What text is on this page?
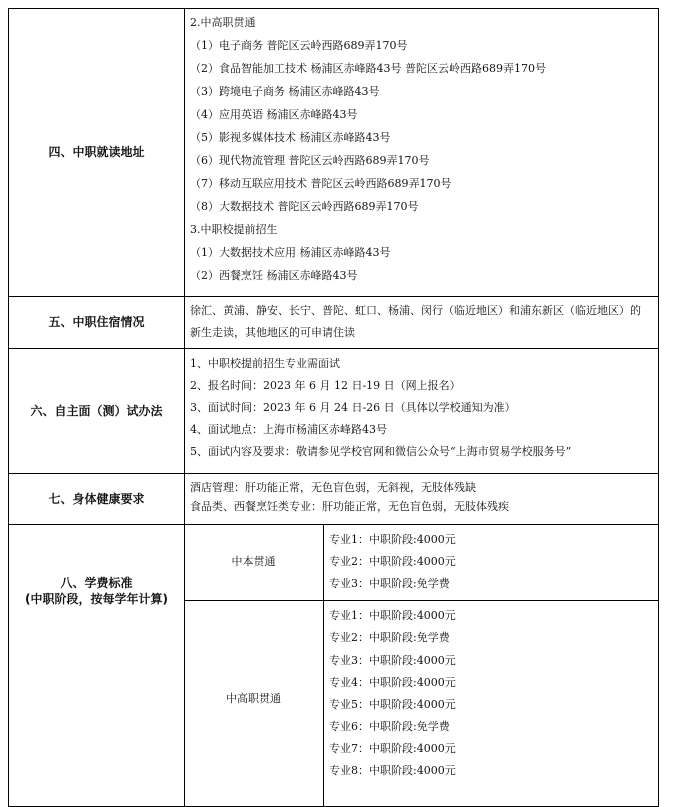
四、中职就读地址
2.中高职贯通
（1）电子商务 普陀区云岭西路689弄170号
（2）食品智能加工技术 杨浦区赤峰路43号 普陀区云岭西路689弄170号
（3）跨境电子商务 杨浦区赤峰路43号
（4）应用英语 杨浦区赤峰路43号
（5）影视多媒体技术 杨浦区赤峰路43号
（6）现代物流管理 普陀区云岭西路689弄170号
（7）移动互联应用技术 普陀区云岭西路689弄170号
（8）大数据技术 普陀区云岭西路689弄170号
3.中职校提前招生
（1）大数据技术应用 杨浦区赤峰路43号
（2）西餐烹饪 杨浦区赤峰路43号
五、中职住宿情况
徐汇、黄浦、静安、长宁、普陀、虹口、杨浦、闵行（临近地区）和浦东新区（临近地区）的新生走读，其他地区的可申请住读
六、自主面（测）试办法
1、中职校提前招生专业需面试
2、报名时间：2023 年 6 月 12 日-19 日（网上报名）
3、面试时间：2023 年 6 月 24 日-26 日（具体以学校通知为准）
4、面试地点：上海市杨浦区赤峰路43号
5、面试内容及要求：敬请参见学校官网和微信公众号“上海市贸易学校服务号”
七、身体健康要求
酒店管理：肝功能正常，无色盲色弱，无斜视，无肢体残缺
食品类、西餐烹饪类专业：肝功能正常，无色盲色弱，无肢体残疾
八、学费标准
(中职阶段，按每学年计算)
中本贯通
专业1：中职阶段:4000元
专业2：中职阶段:4000元
专业3：中职阶段:免学费
中高职贯通
专业1：中职阶段:4000元
专业2：中职阶段:免学费
专业3：中职阶段:4000元
专业4：中职阶段:4000元
专业5：中职阶段:4000元
专业6：中职阶段:免学费
专业7：中职阶段:4000元
专业8：中职阶段:4000元
